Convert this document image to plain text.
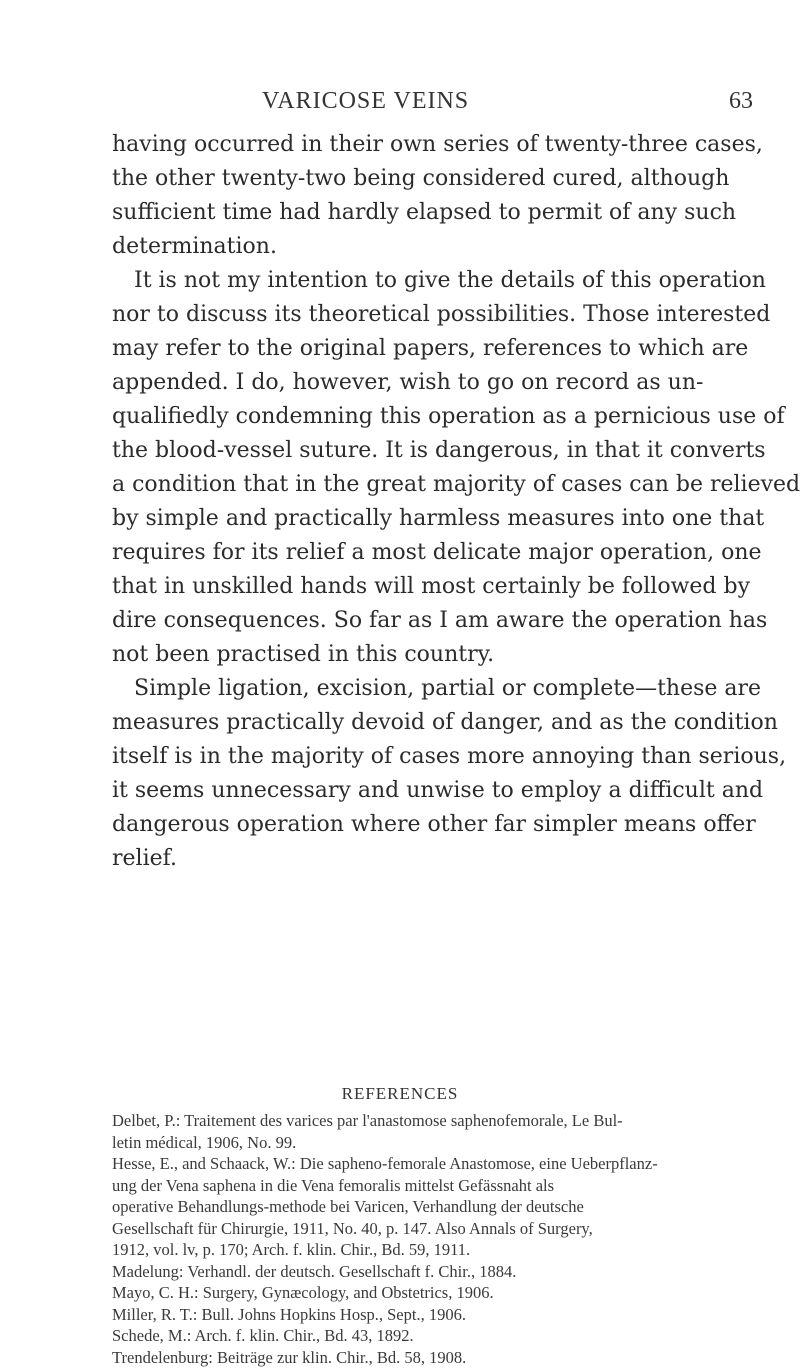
VARICOSE VEINS	63
having occurred in their own series of twenty-three cases,
the other twenty-two being considered cured, although
sufficient time had hardly elapsed to permit of any such
determination.
It is not my intention to give the details of this operation
nor to discuss its theoretical possibilities. Those interested
may refer to the original papers, references to which are
appended. I do, however, wish to go on record as un-
qualifiedly condemning this operation as a pernicious use of
the blood-vessel suture. It is dangerous, in that it converts
a condition that in the great majority of cases can be relieved
by simple and practically harmless measures into one that
requires for its relief a most delicate major operation, one
that in unskilled hands will most certainly be followed by
dire consequences. So far as I am aware the operation has
not been practised in this country.
Simple ligation, excision, partial or complete—these are
measures practically devoid of danger, and as the condition
itself is in the majority of cases more annoying than serious,
it seems unnecessary and unwise to employ a difficult and
dangerous operation where other far simpler means offer
relief.
REFERENCES
Delbet, P.: Traitement des varices par l'anastomose saphenofemorale, Le Bul-
letin médical, 1906, No. 99.
Hesse, E., and Schaack, W.: Die sapheno-femorale Anastomose, eine Ueberpflanz-
ung der Vena saphena in die Vena femoralis mittelst Gefässnaht als
operative Behandlungs-methode bei Varicen, Verhandlung der deutsche
Gesellschaft für Chirurgie, 1911, No. 40, p. 147. Also Annals of Surgery,
1912, vol. lv, p. 170; Arch. f. klin. Chir., Bd. 59, 1911.
Madelung: Verhandl. der deutsch. Gesellschaft f. Chir., 1884.
Mayo, C. H.: Surgery, Gynæcology, and Obstetrics, 1906.
Miller, R. T.: Bull. Johns Hopkins Hosp., Sept., 1906.
Schede, M.: Arch. f. klin. Chir., Bd. 43, 1892.
Trendelenburg: Beiträge zur klin. Chir., Bd. 58, 1908.
